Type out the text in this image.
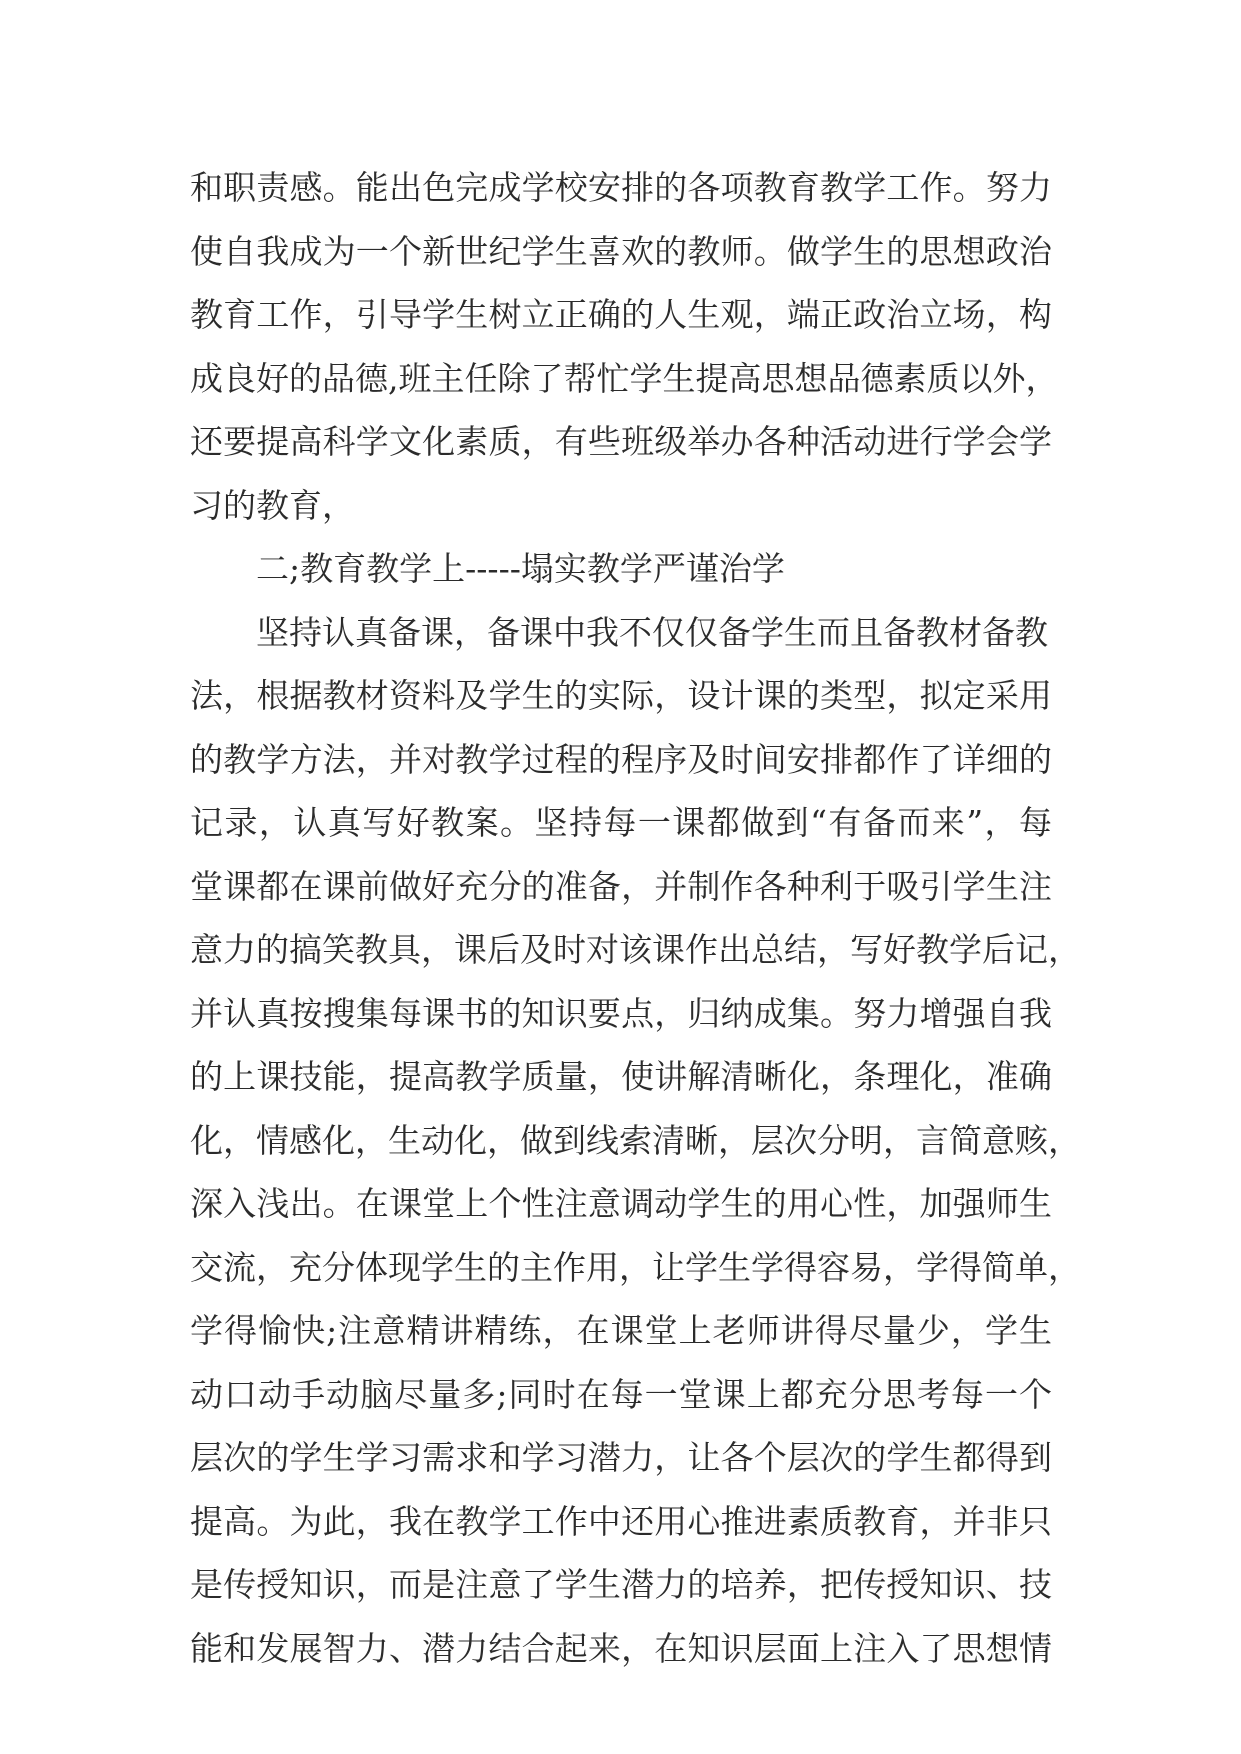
和职责感。能出色完成学校安排的各项教育教学工作。努力
使自我成为一个新世纪学生喜欢的教师。做学生的思想政治
教育工作，引导学生树立正确的人生观，端正政治立场，构
成良好的品德,班主任除了帮忙学生提高思想品德素质以外，
还要提高科学文化素质，有些班级举办各种活动进行学会学
习的教育，
二;教育教学上-----塌实教学严谨治学
坚持认真备课，备课中我不仅仅备学生而且备教材备教
法，根据教材资料及学生的实际，设计课的类型，拟定采用
的教学方法，并对教学过程的程序及时间安排都作了详细的
记录，认真写好教案。坚持每一课都做到“有备而来”，每
堂课都在课前做好充分的准备，并制作各种利于吸引学生注
意力的搞笑教具，课后及时对该课作出总结，写好教学后记，
并认真按搜集每课书的知识要点，归纳成集。努力增强自我
的上课技能，提高教学质量，使讲解清晰化，条理化，准确
化，情感化，生动化，做到线索清晰，层次分明，言简意赅，
深入浅出。在课堂上个性注意调动学生的用心性，加强师生
交流，充分体现学生的主作用，让学生学得容易，学得简单，
学得愉快;注意精讲精练，在课堂上老师讲得尽量少，学生
动口动手动脑尽量多;同时在每一堂课上都充分思考每一个
层次的学生学习需求和学习潜力，让各个层次的学生都得到
提高。为此，我在教学工作中还用心推进素质教育，并非只
是传授知识，而是注意了学生潜力的培养，把传授知识、技
能和发展智力、潜力结合起来，在知识层面上注入了思想情
